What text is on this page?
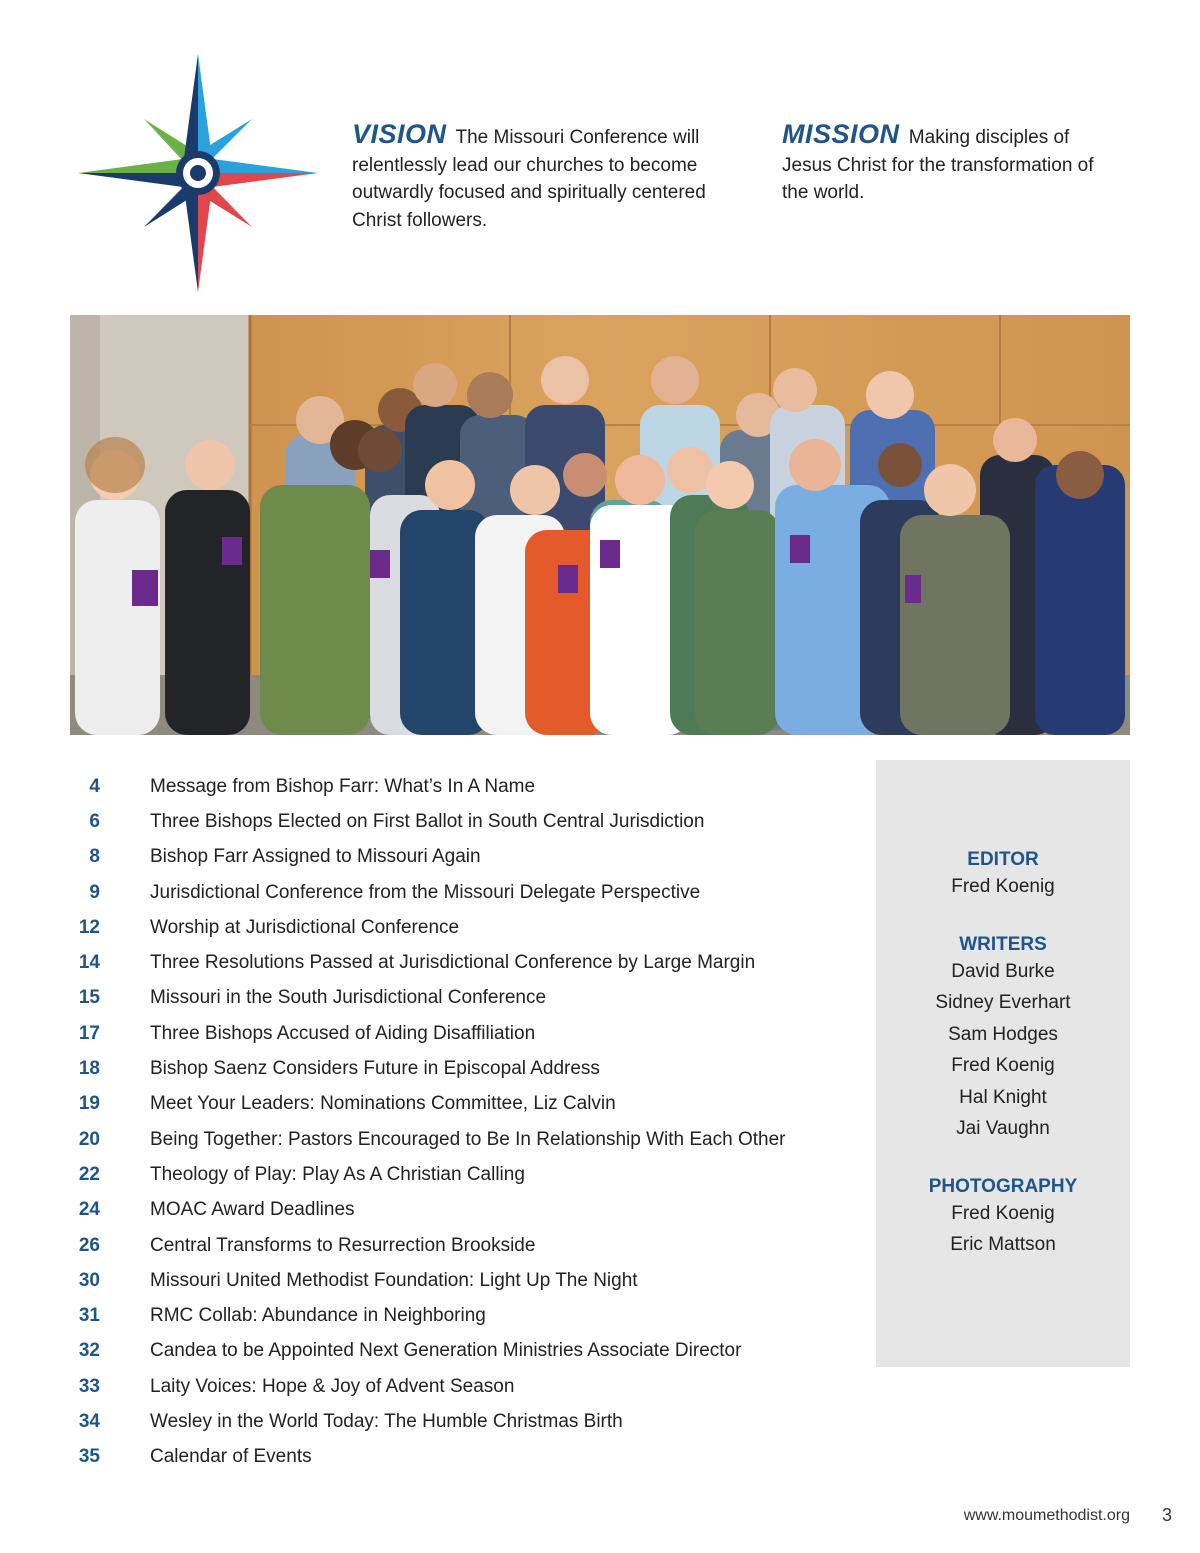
VISION The Missouri Conference will relentlessly lead our churches to become outwardly focused and spiritually centered Christ followers.
MISSION Making disciples of Jesus Christ for the transformation of the world.
4	Message from Bishop Farr: What’s In A Name
6	Three Bishops Elected on First Ballot in South Central Jurisdiction
8	Bishop Farr Assigned to Missouri Again
9	Jurisdictional Conference from the Missouri Delegate Perspective
12	Worship at Jurisdictional Conference
14	Three Resolutions Passed at Jurisdictional Conference by Large Margin
15	Missouri in the South Jurisdictional Conference
17	Three Bishops Accused of Aiding Disaffiliation
18	Bishop Saenz Considers Future in Episcopal Address
19	Meet Your Leaders: Nominations Committee, Liz Calvin
20	Being Together: Pastors Encouraged to Be In Relationship With Each Other
22	Theology of Play: Play As A Christian Calling
24	MOAC Award Deadlines
26	Central Transforms to Resurrection Brookside
30	Missouri United Methodist Foundation: Light Up The Night
31	RMC Collab: Abundance in Neighboring
32	Candea to be Appointed Next Generation Ministries Associate Director
33	Laity Voices: Hope & Joy of Advent Season
34	Wesley in the World Today: The Humble Christmas Birth
35	Calendar of Events
EDITOR
Fred Koenig
WRITERS
David Burke
Sidney Everhart
Sam Hodges
Fred Koenig
Hal Knight
Jai Vaughn
PHOTOGRAPHY
Fred Koenig
Eric Mattson
www.moumethodist.org 3
